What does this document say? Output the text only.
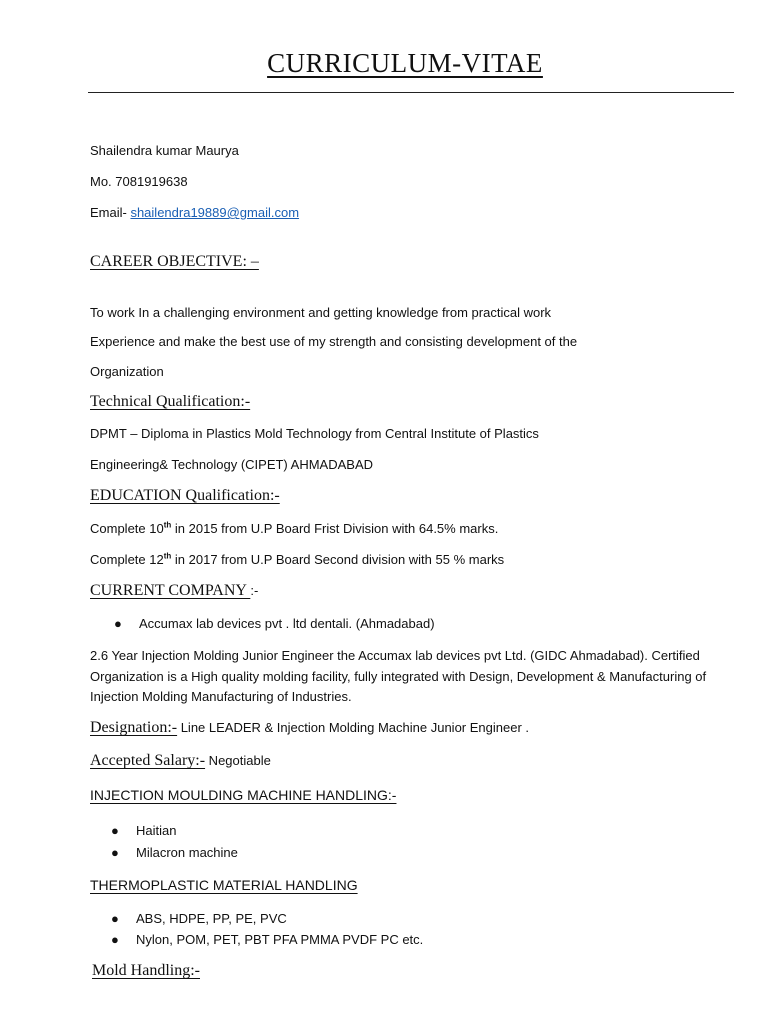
CURRICULUM-VITAE
Shailendra kumar Maurya
Mo. 7081919638
Email- shailendra19889@gmail.com
CAREER OBJECTIVE: –
To work In a challenging environment and getting knowledge from practical work
Experience and make the best use of my strength and consisting development of the
Organization
Technical Qualification:-
DPMT – Diploma in Plastics Mold Technology from Central Institute of Plastics
Engineering& Technology (CIPET) AHMADABAD
EDUCATION Qualification:-
Complete 10th in 2015 from U.P Board Frist Division with 64.5% marks.
Complete 12th in 2017 from U.P Board Second division with 55 % marks
CURRENT COMPANY :-
● Accumax lab devices pvt . ltd dentali. (Ahmadabad)
2.6 Year Injection Molding Junior Engineer the Accumax lab devices pvt Ltd. (GIDC Ahmadabad). Certified Organization is a High quality molding facility, fully integrated with Design, Development & Manufacturing of Injection Molding Manufacturing of Industries.
Designation:- Line LEADER & Injection Molding Machine Junior Engineer .
Accepted Salary:- Negotiable
INJECTION MOULDING MACHINE HANDLING:-
● Haitian
● Milacron machine
THERMOPLASTIC MATERIAL HANDLING
● ABS, HDPE, PP, PE, PVC
● Nylon, POM, PET, PBT PFA PMMA PVDF PC etc.
Mold Handling:-
